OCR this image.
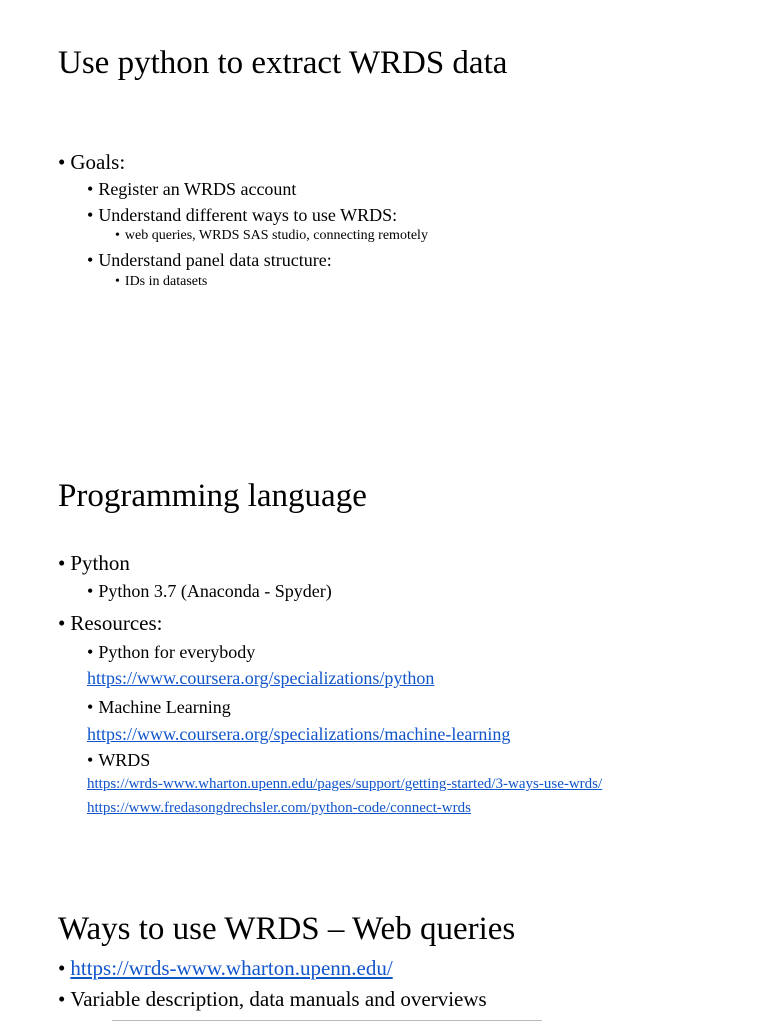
Use python to extract WRDS data
• Goals:
• Register an WRDS account
• Understand different ways to use WRDS:
• web queries, WRDS SAS studio, connecting remotely
• Understand panel data structure:
• IDs in datasets
Programming language
• Python
• Python 3.7 (Anaconda - Spyder)
• Resources:
• Python for everybody
https://www.coursera.org/specializations/python
• Machine Learning
https://www.coursera.org/specializations/machine-learning
• WRDS
https://wrds-www.wharton.upenn.edu/pages/support/getting-started/3-ways-use-wrds/
https://www.fredasongdrechsler.com/python-code/connect-wrds
Ways to use WRDS – Web queries
• https://wrds-www.wharton.upenn.edu/
• Variable description, data manuals and overviews
